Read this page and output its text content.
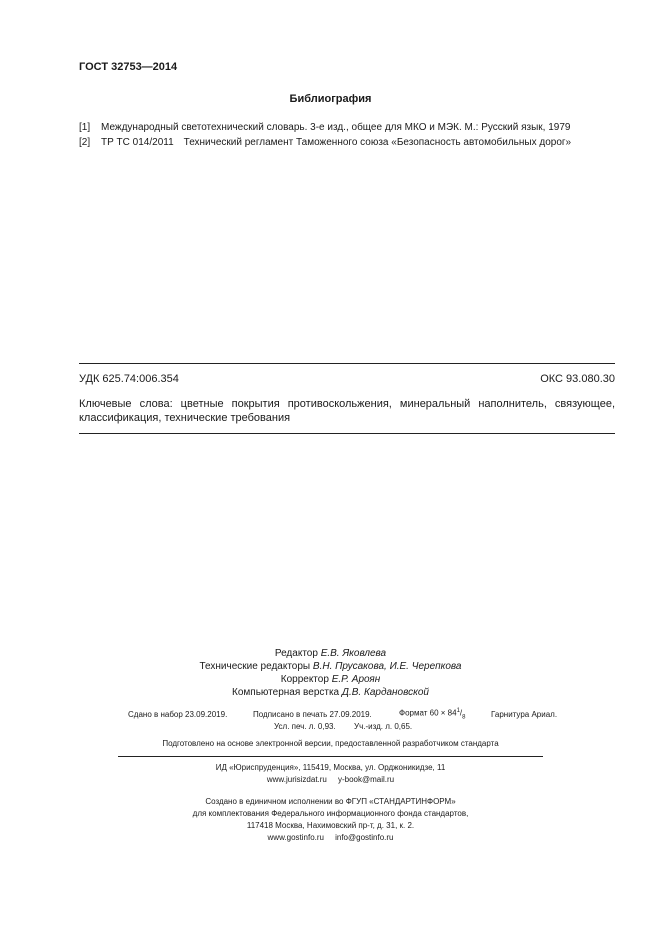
ГОСТ 32753—2014
Библиография
[1] Международный светотехнический словарь. 3-е изд., общее для МКО и МЭК. М.: Русский язык, 1979
[2] ТР ТС 014/2011 Технический регламент Таможенного союза «Безопасность автомобильных дорог»
УДК 625.74:006.354	ОКС 93.080.30
Ключевые слова: цветные покрытия противоскольжения, минеральный наполнитель, связующее, классификация, технические требования
Редактор Е.В. Яковлева
Технические редакторы В.Н. Прусакова, И.Е. Черепкова
Корректор Е.Р. Ароян
Компьютерная верстка Д.В. Кардановской
Сдано в набор 23.09.2019.	Подписано в печать 27.09.2019.	Формат $60 \times 84^1/_8$	Гарнитура Ариал.
Усл. печ. л. 0,93. Уч.-изд. л. 0,65.
Подготовлено на основе электронной версии, предоставленной разработчиком стандарта
ИД «Юриспруденция», 115419, Москва, ул. Орджоникидзе, 11
www.jurisizdat.ru     y-book@mail.ru
Создано в единичном исполнении во ФГУП «СТАНДАРТИНФОРМ»
для комплектования Федерального информационного фонда стандартов,
117418 Москва, Нахимовский пр-т, д. 31, к. 2.
www.gostinfo.ru     info@gostinfo.ru
